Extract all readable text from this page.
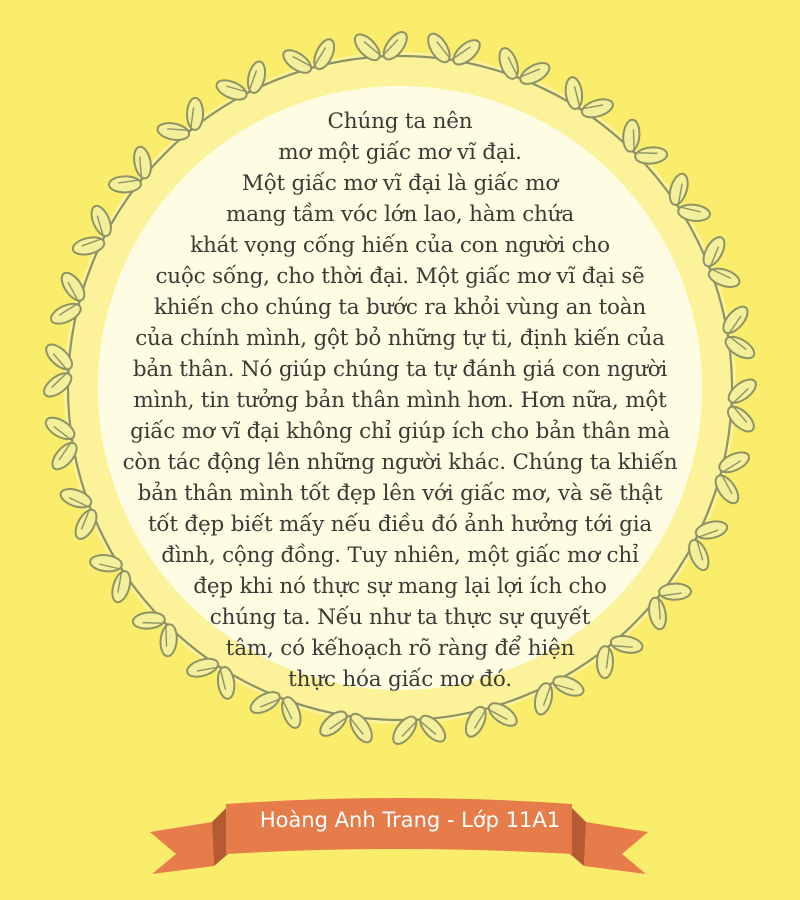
Chúng ta nên
mơ một giấc mơ vĩ đại.
Một giấc mơ vĩ đại là giấc mơ
mang tầm vóc lớn lao, hàm chứa
khát vọng cống hiến của con người cho
cuộc sống, cho thời đại. Một giấc mơ vĩ đại sẽ
khiến cho chúng ta bước ra khỏi vùng an toàn
của chính mình, gột bỏ những tự ti, định kiến của
bản thân. Nó giúp chúng ta tự đánh giá con người
mình, tin tưởng bản thân mình hơn. Hơn nữa, một
giấc mơ vĩ đại không chỉ giúp ích cho bản thân mà
còn tác động lên những người khác. Chúng ta khiến
bản thân mình tốt đẹp lên với giấc mơ, và sẽ thật
tốt đẹp biết mấy nếu điều đó ảnh hưởng tới gia
đình, cộng đồng. Tuy nhiên, một giấc mơ chỉ
đẹp khi nó thực sự mang lại lợi ích cho
chúng ta. Nếu như ta thực sự quyết
tâm, có kếhoạch rõ ràng để hiện
thực hóa giấc mơ đó.
Hoàng Anh Trang - Lớp 11A1
